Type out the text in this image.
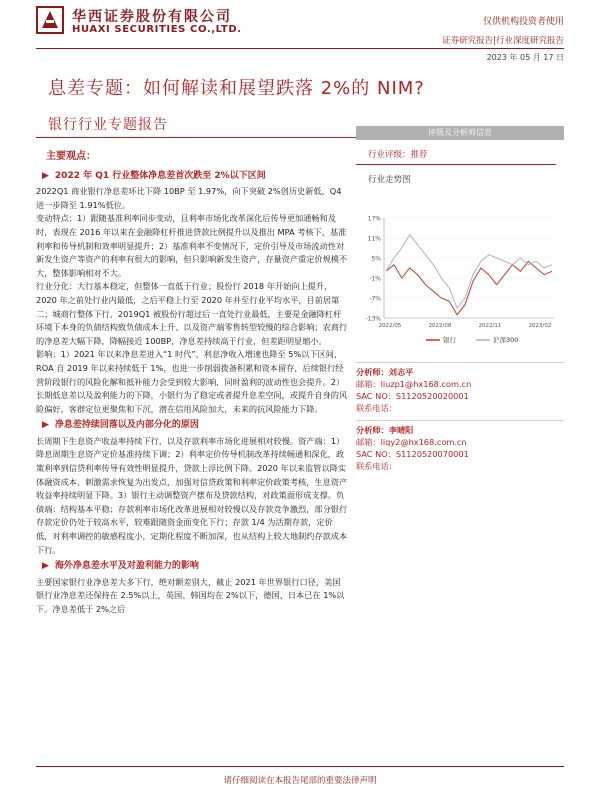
华西证券股份有限公司
HUAXI SECURITIES CO.,LTD.
仅供机构投资者使用
证券研究报告|行业深度研究报告
2023 年 05 月 17 日
息差专题：如何解读和展望跌落 2%的 NIM?
银行行业专题报告
主要观点：
▶ 2022 年 Q1 行业整体净息差首次跌至 2%以下区间
2022Q1 商业银行净息差环比下降 10BP 至 1.97%，向下突破 2%创历史新低，Q4 进一步降至 1.91%低位。
变动特点：1）跟随基准利率同步变动，且利率市场化改革深化后传导更加通畅和及时，表现在 2016 年以来在金融降杠杆推进贷款比例提升以及推出 MPA 考核下，基准利率和传导机制和效率明显提升；2）基准利率不变情况下，定价引导及市场流动性对新发生资产等资产的利率有很大的影响，但只影响新发生资产，存量资产重定价规模不大，整体影响相对不大。
行业分化：大行基本稳定，但整体一直低于行业；股份行 2018 年开始向上提升，2020 年之前处行业内最低，之后平稳上行至 2020 年并至行业平均水平，目前居第二；城商行整体下行，2019Q1 被股份行超过后一直处行业最低，主要是金融降杠杆环境下本身的负债结构致负债成本上升、以及资产端零售转型较慢的综合影响；农商行的净息差大幅下降，降幅接近 100BP，净息差持续高于行业，但差距明显缩小。
影响：1）2021 年以来净息差进入“1 时代”，利息净收入增速也降至 5%以下区间，ROA 自 2019 年以来持续低于 1%，也进一步削弱拨备积累和资本留存，后续银行经营阶段银行的风险化解和抵补能力会受到较大影响，同时盈利的波动性也会提升。2）长期低息差以及盈利能力的下降，小银行为了稳定或者提升息差空间，或提升自身的风险偏好，客群定位更聚焦和下沉，潜在信用风险加大，未来的抗风险能力下降。
▶ 净息差持续回落以及内部分化的原因
长周期下生息资产收益率持续下行，以及存款利率市场化进展相对较慢。资产端：1）降息周期生息资产定价基准持续下调；2）利率定价传导机制改革持续畅通和深化，政策利率到信贷利率传导有效性明显提升，贷款上浮比例下降。2020 年以来监管以降实体融资成本、刺激需求恢复为出发点，加强对信贷政策和利率定价政策考核，生息资产收益率持续明显下降。3）银行主动调整资产摆布及贷款结构，对政策面形成支撑。负债端：结构基本平稳；存款利率市场化改革进展相对较慢以及存款竞争激烈，部分银行存款定价仍处于较高水平，较难跟随资金面变化下行；存款 1/4 为活期存款，定价低，对利率调控的敏感程度小，定期化程度不断加深，也从结构上较大地制约存款成本下行。
▶ 海外净息差水平及对盈利能力的影响
主要国家银行业净息差大多下行，绝对额差别大，截止 2021 年世界银行口径，美国银行业净息差还保持在 2.5%以上，英国、韩国均在 2%以下，德国、日本已在 1%以下。净息差低于 2%之后
评级及分析师信息
行业评级：推荐
行业走势图
17%
11%
5%
-1%
-7%
-13%
2022/05	2022/08	2022/11	2023/02
银行	沪深300
分析师：刘志平
邮箱：liuzp1@hx168.com.cn
SAC NO：S1120520020001
联系电话：
分析师：李晴阳
邮箱：liqy2@hx168.com.cn
SAC NO：S1120520070001
联系电话：
请仔细阅读在本报告尾部的重要法律声明
